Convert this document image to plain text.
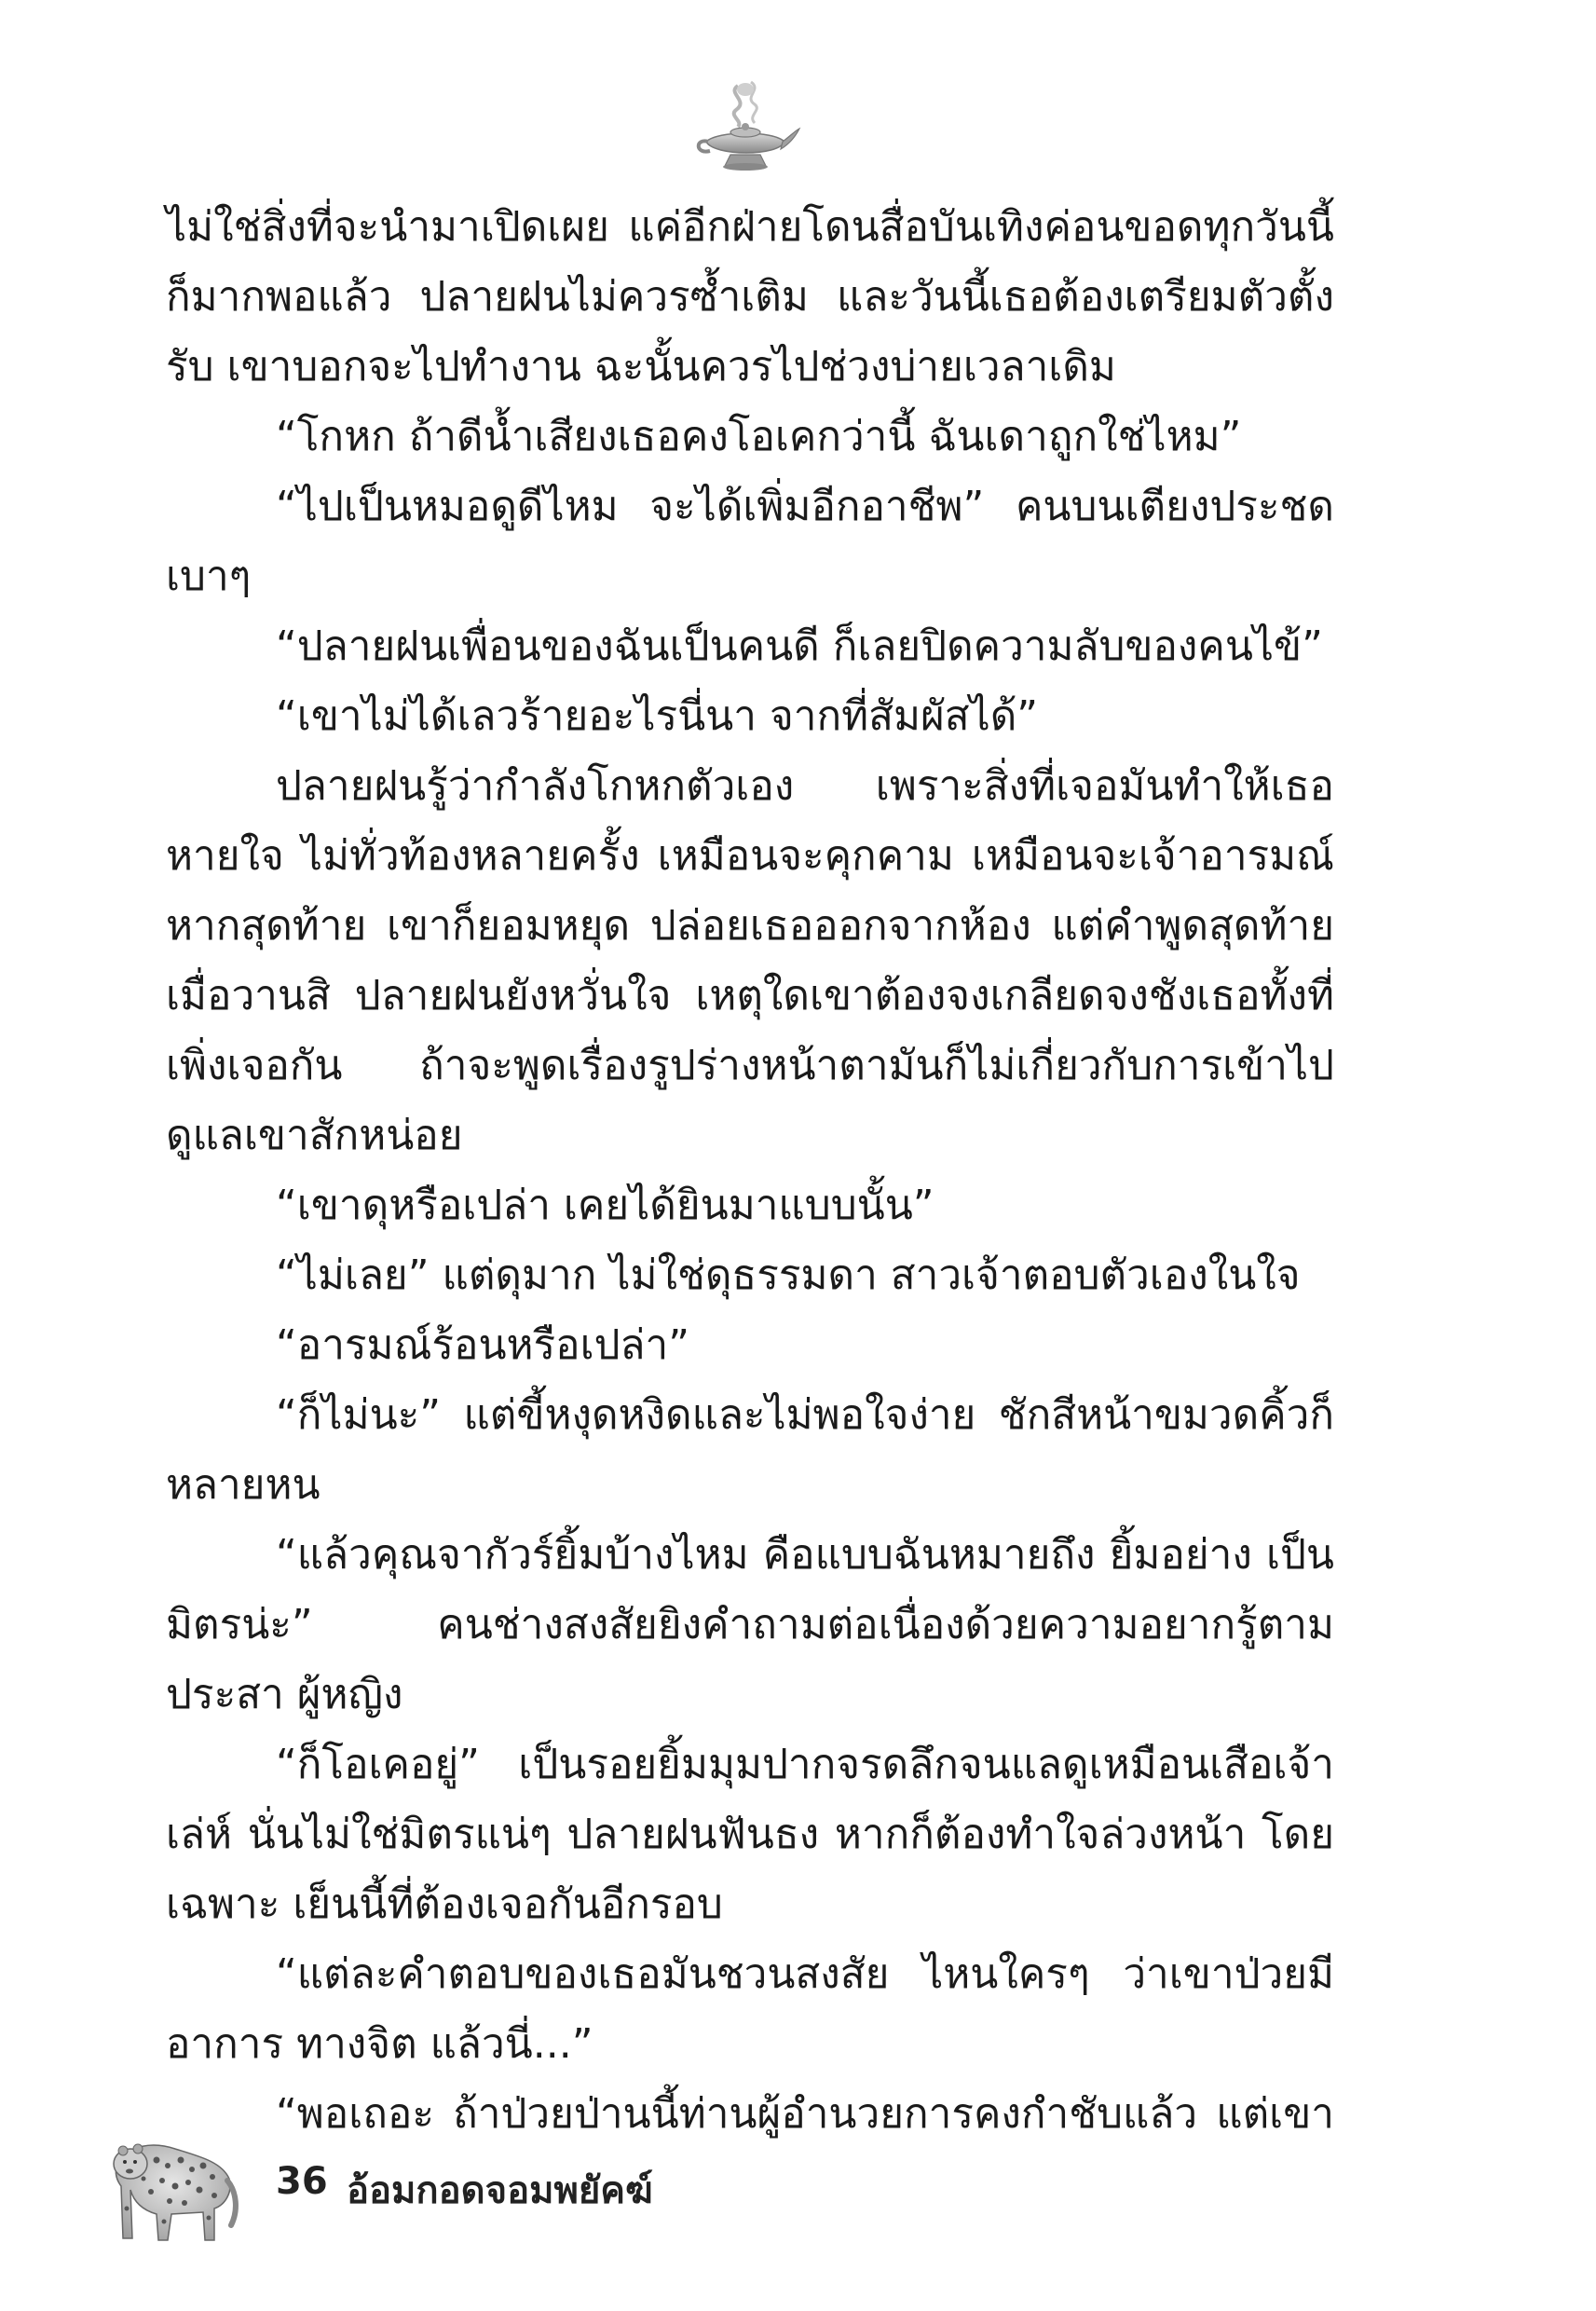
ไม่ใช่สิ่งที่จะนำมาเปิดเผย แค่อีกฝ่ายโดนสื่อบันเทิงค่อนขอดทุกวันนี้ ก็มากพอแล้ว ปลายฝนไม่ควรซ้ำเติม และวันนี้เธอต้องเตรียมตัวตั้งรับ เขาบอกจะไปทำงาน ฉะนั้นควรไปช่วงบ่ายเวลาเดิม

“โกหก ถ้าดีน้ำเสียงเธอคงโอเคกว่านี้ ฉันเดาถูกใช่ไหม”

“ไปเป็นหมอดูดีไหม จะได้เพิ่มอีกอาชีพ” คนบนเตียงประชดเบาๆ

“ปลายฝนเพื่อนของฉันเป็นคนดี ก็เลยปิดความลับของคนไข้”

“เขาไม่ได้เลวร้ายอะไรนี่นา จากที่สัมผัสได้”

ปลายฝนรู้ว่ากำลังโกหกตัวเอง เพราะสิ่งที่เจอมันทำให้เธอหายใจ ไม่ทั่วท้องหลายครั้ง เหมือนจะคุกคาม เหมือนจะเจ้าอารมณ์ หากสุดท้าย เขาก็ยอมหยุด ปล่อยเธอออกจากห้อง แต่คำพูดสุดท้ายเมื่อวานสิ ปลายฝนยังหวั่นใจ เหตุใดเขาต้องจงเกลียดจงชังเธอทั้งที่เพิ่งเจอกัน ถ้าจะพูดเรื่องรูปร่างหน้าตามันก็ไม่เกี่ยวกับการเข้าไปดูแลเขาสักหน่อย

“เขาดุหรือเปล่า เคยได้ยินมาแบบนั้น”

“ไม่เลย” แต่ดุมาก ไม่ใช่ดุธรรมดา สาวเจ้าตอบตัวเองในใจ

“อารมณ์ร้อนหรือเปล่า”

“ก็ไม่นะ” แต่ขี้หงุดหงิดและไม่พอใจง่าย ชักสีหน้าขมวดคิ้วก็ หลายหน

“แล้วคุณจากัวร์ยิ้มบ้างไหม คือแบบฉันหมายถึง ยิ้มอย่าง เป็นมิตรน่ะ” คนช่างสงสัยยิงคำถามต่อเนื่องด้วยความอยากรู้ตามประสา ผู้หญิง

“ก็โอเคอยู่” เป็นรอยยิ้มมุมปากจรดลึกจนแลดูเหมือนเสือเจ้าเล่ห์ นั่นไม่ใช่มิตรแน่ๆ ปลายฝนฟันธง หากก็ต้องทำใจล่วงหน้า โดยเฉพาะ เย็นนี้ที่ต้องเจอกันอีกรอบ

“แต่ละคำตอบของเธอมันชวนสงสัย ไหนใครๆ ว่าเขาป่วยมีอาการ ทางจิต แล้วนี่...”

“พอเถอะ ถ้าป่วยป่านนี้ท่านผู้อำนวยการคงกำชับแล้ว แต่เขา

36 อ้อมกอดจอมพยัคฆ์
